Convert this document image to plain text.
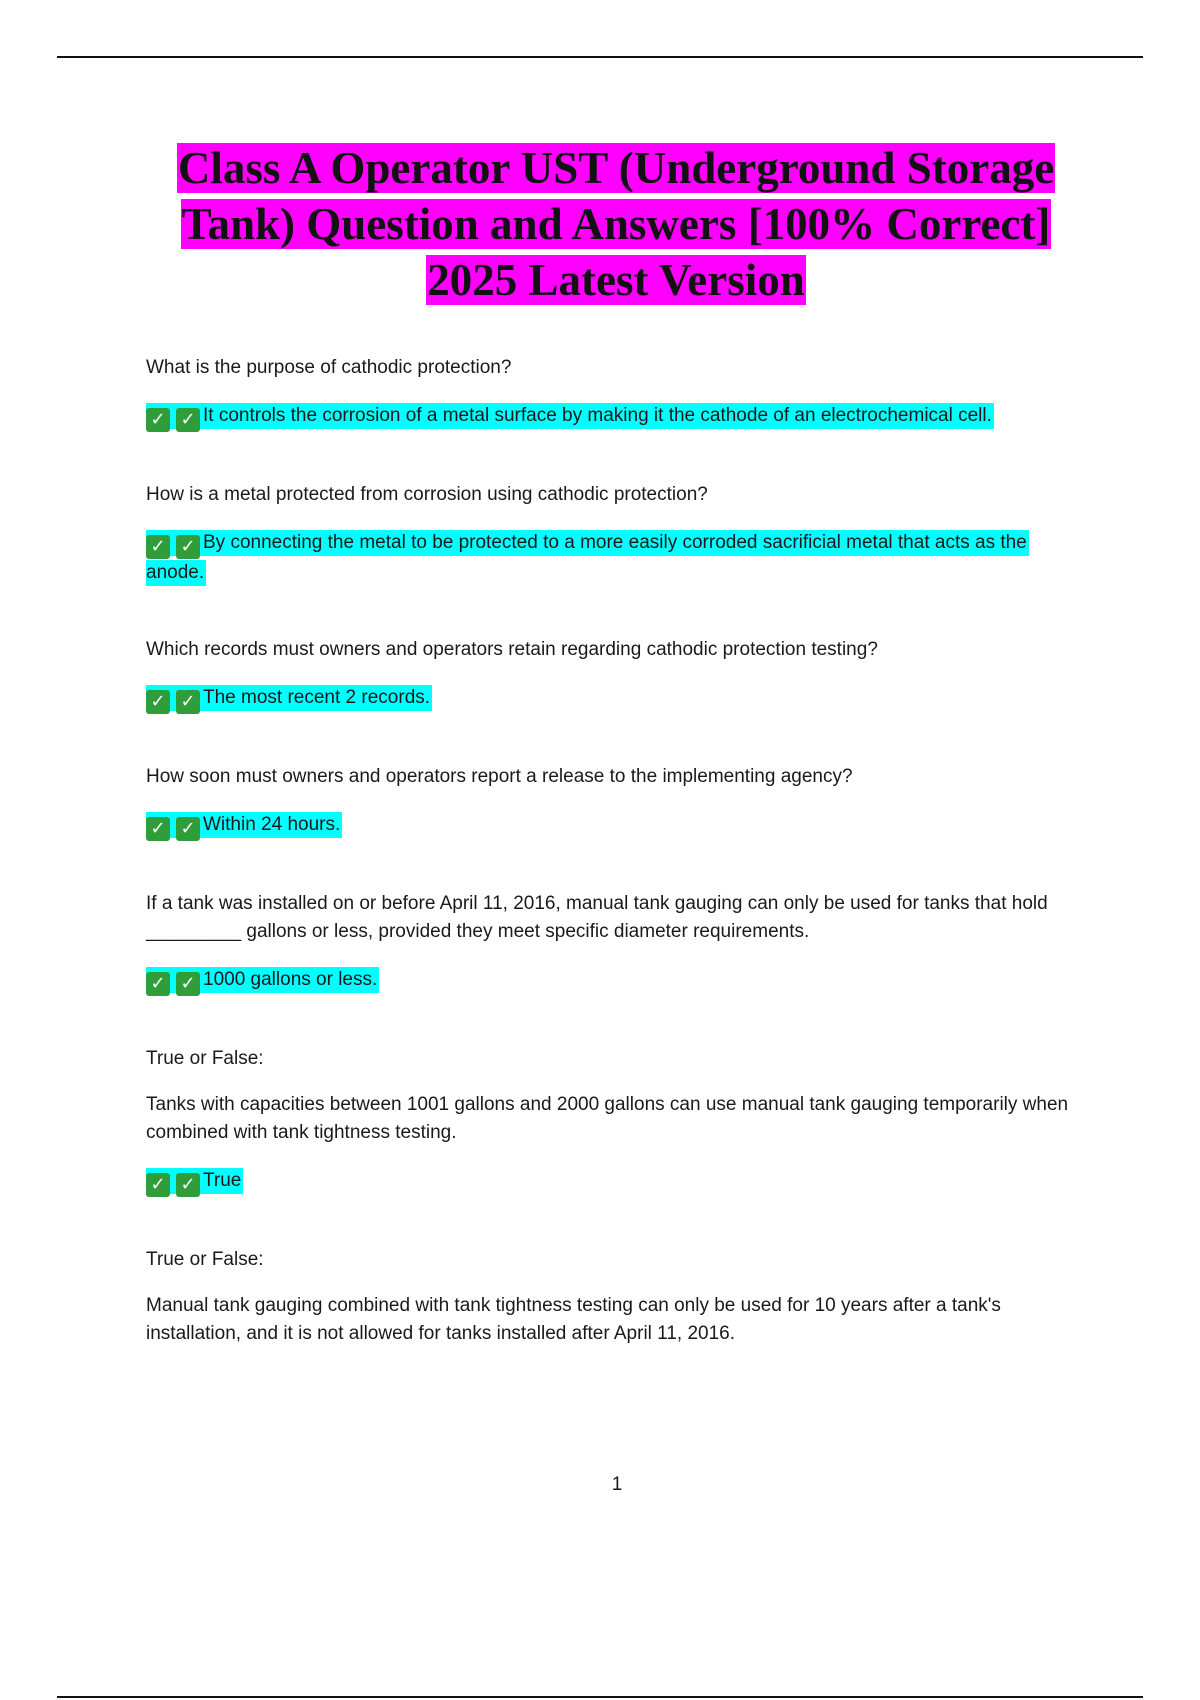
Class A Operator UST (Underground Storage
Tank) Question and Answers [100% Correct]
2025 Latest Version

What is the purpose of cathodic protection?

✓ ✓ It controls the corrosion of a metal surface by making it the cathode of an electrochemical cell.

How is a metal protected from corrosion using cathodic protection?

✓ ✓ By connecting the metal to be protected to a more easily corroded sacrificial metal that acts as the anode.

Which records must owners and operators retain regarding cathodic protection testing?

✓ ✓ The most recent 2 records.

How soon must owners and operators report a release to the implementing agency?

✓ ✓ Within 24 hours.

If a tank was installed on or before April 11, 2016, manual tank gauging can only be used for tanks that hold _________ gallons or less, provided they meet specific diameter requirements.

✓ ✓ 1000 gallons or less.

True or False:

Tanks with capacities between 1001 gallons and 2000 gallons can use manual tank gauging temporarily when combined with tank tightness testing.

✓ ✓ True

True or False:

Manual tank gauging combined with tank tightness testing can only be used for 10 years after a tank's installation, and it is not allowed for tanks installed after April 11, 2016.

1
